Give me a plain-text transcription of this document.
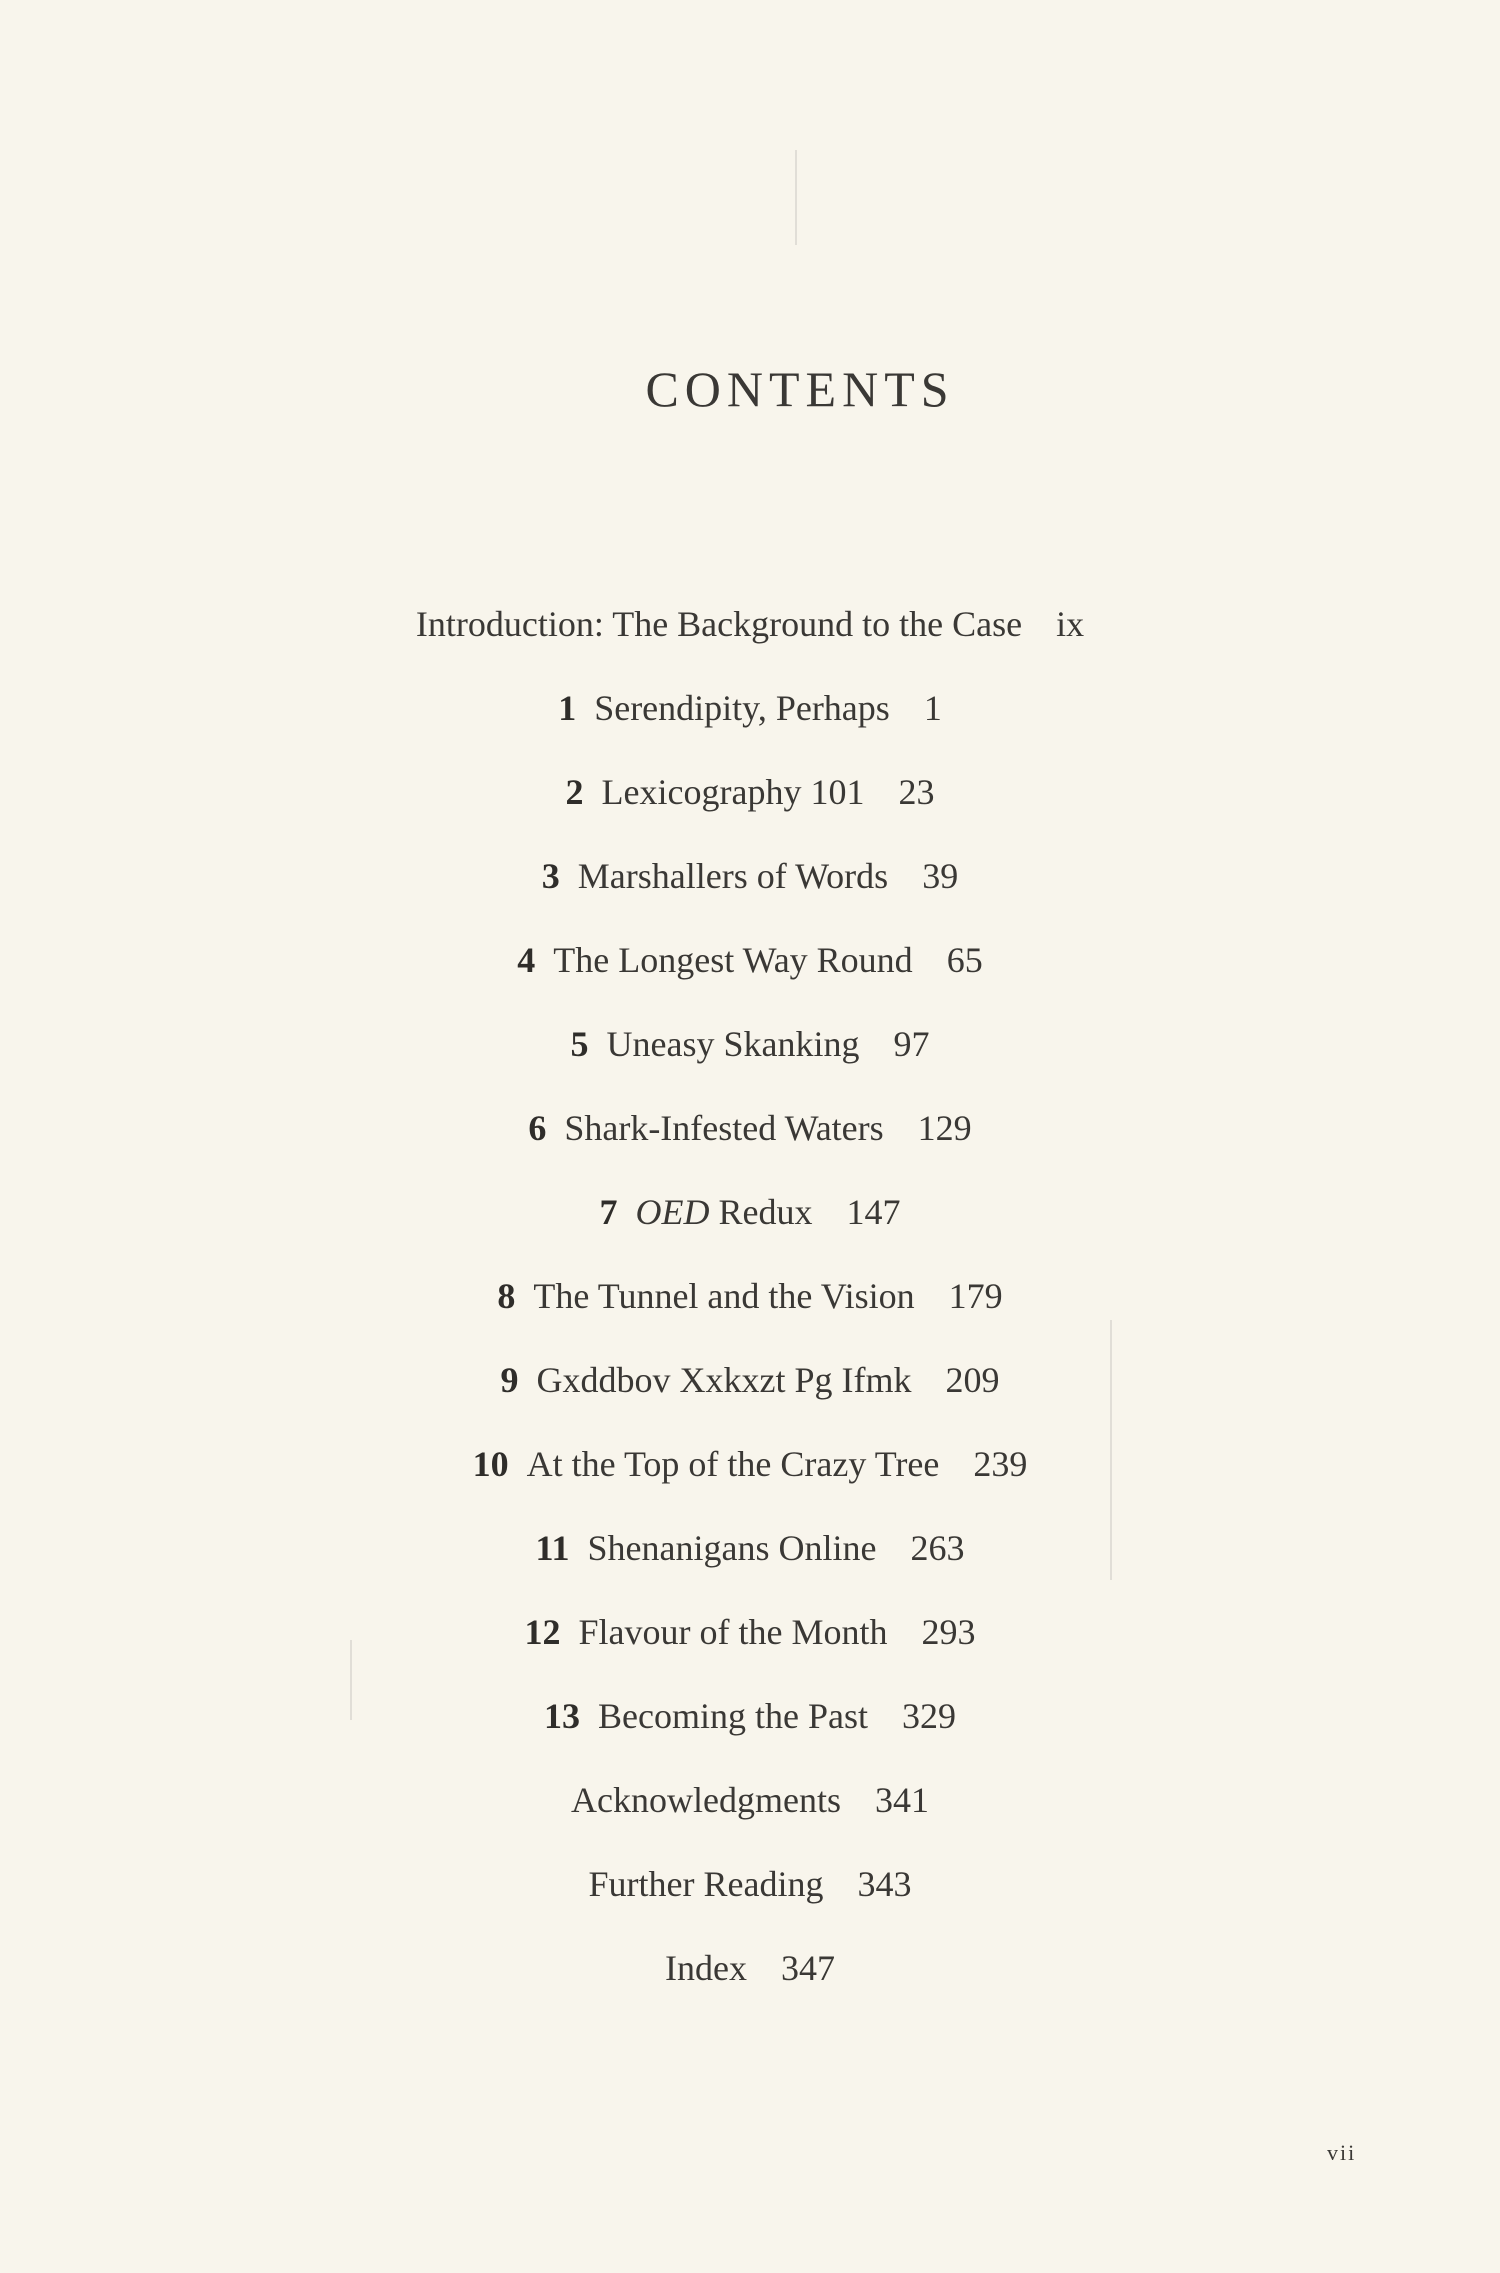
CONTENTS
Introduction: The Background to the Case ix
1 Serendipity, Perhaps 1
2 Lexicography 101 23
3 Marshallers of Words 39
4 The Longest Way Round 65
5 Uneasy Skanking 97
6 Shark-Infested Waters 129
7 OED Redux 147
8 The Tunnel and the Vision 179
9 Gxddbov Xxkxzt Pg Ifmk 209
10 At the Top of the Crazy Tree 239
11 Shenanigans Online 263
12 Flavour of the Month 293
13 Becoming the Past 329
Acknowledgments 341
Further Reading 343
Index 347
vii
